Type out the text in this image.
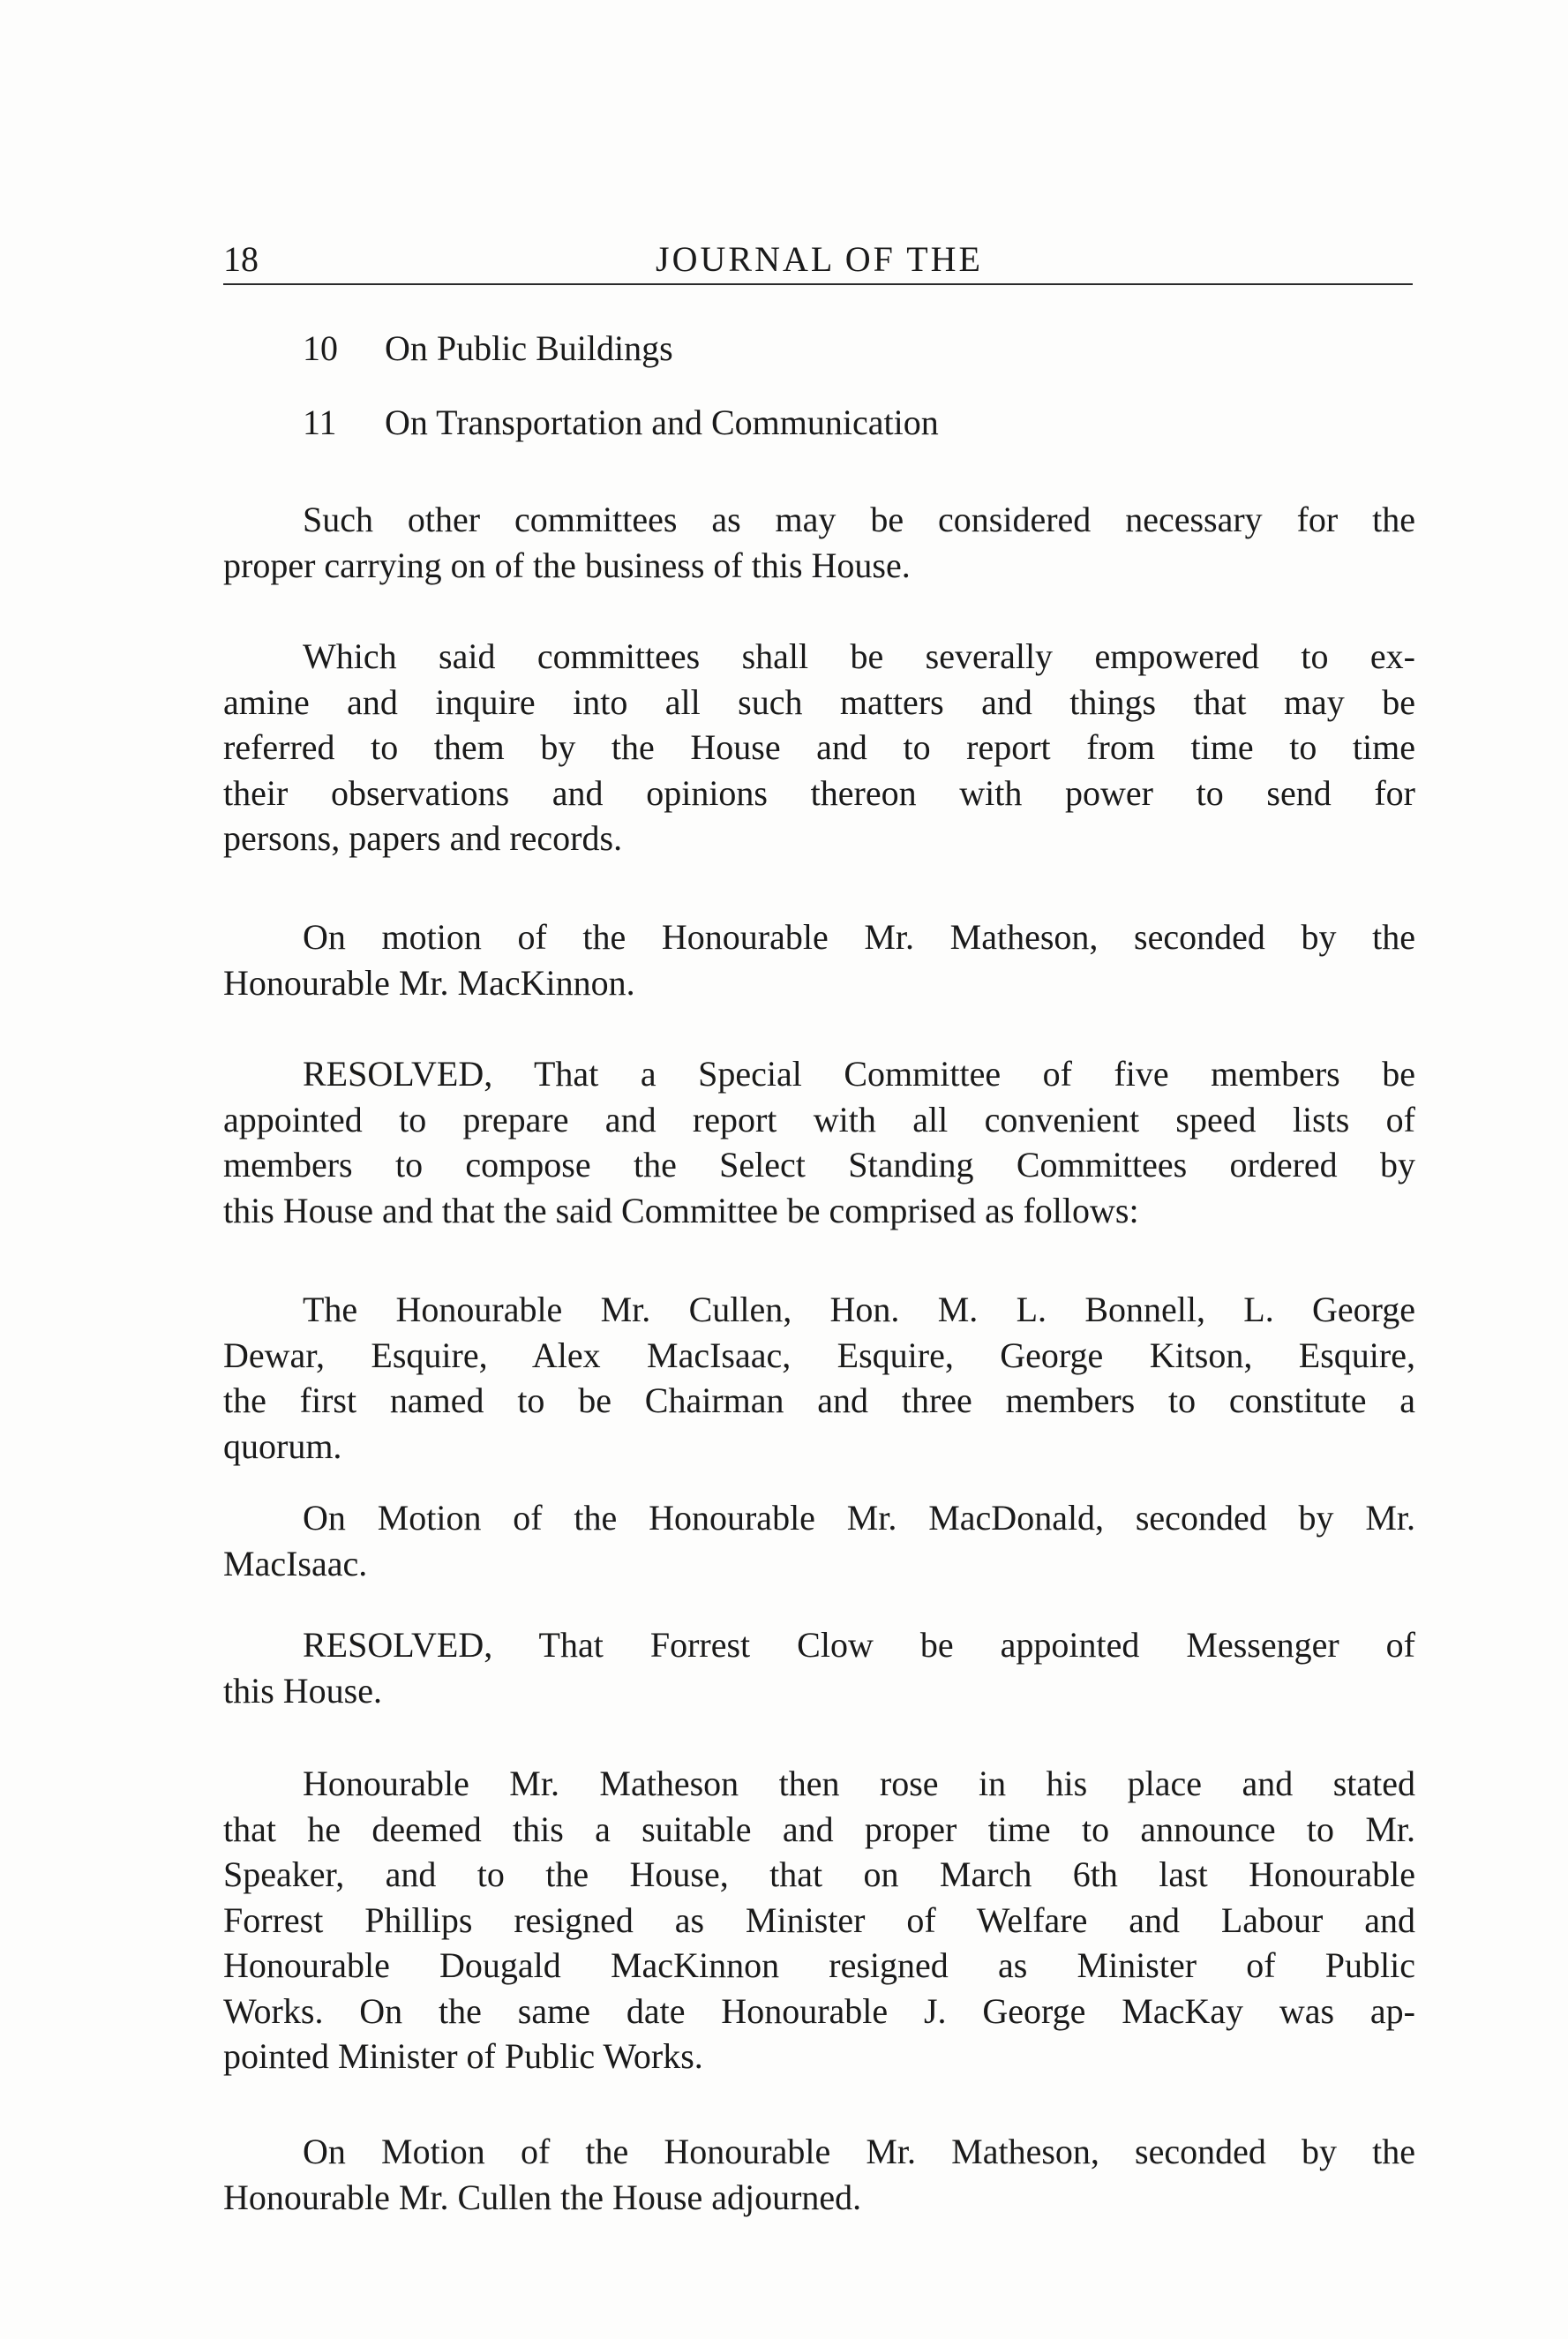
18	JOURNAL OF THE
10 On Public Buildings
11 On Transportation and Communication
Such other committees as may be considered necessary for the
proper carrying on of the business of this House.
Which said committees shall be severally empowered to ex-
amine and inquire into all such matters and things that may be
referred to them by the House and to report from time to time
their observations and opinions thereon with power to send for
persons, papers and records.
On motion of the Honourable Mr. Matheson, seconded by the
Honourable Mr. MacKinnon.
RESOLVED, That a Special Committee of five members be
appointed to prepare and report with all convenient speed lists of
members to compose the Select Standing Committees ordered by
this House and that the said Committee be comprised as follows:
The Honourable Mr. Cullen, Hon. M. L. Bonnell, L. George
Dewar, Esquire, Alex MacIsaac, Esquire, George Kitson, Esquire,
the first named to be Chairman and three members to constitute a
quorum.
On Motion of the Honourable Mr. MacDonald, seconded by Mr.
MacIsaac.
RESOLVED, That Forrest Clow be appointed Messenger of
this House.
Honourable Mr. Matheson then rose in his place and stated
that he deemed this a suitable and proper time to announce to Mr.
Speaker, and to the House, that on March 6th last Honourable
Forrest Phillips resigned as Minister of Welfare and Labour and
Honourable Dougald MacKinnon resigned as Minister of Public
Works. On the same date Honourable J. George MacKay was ap-
pointed Minister of Public Works.
On Motion of the Honourable Mr. Matheson, seconded by the
Honourable Mr. Cullen the House adjourned.
